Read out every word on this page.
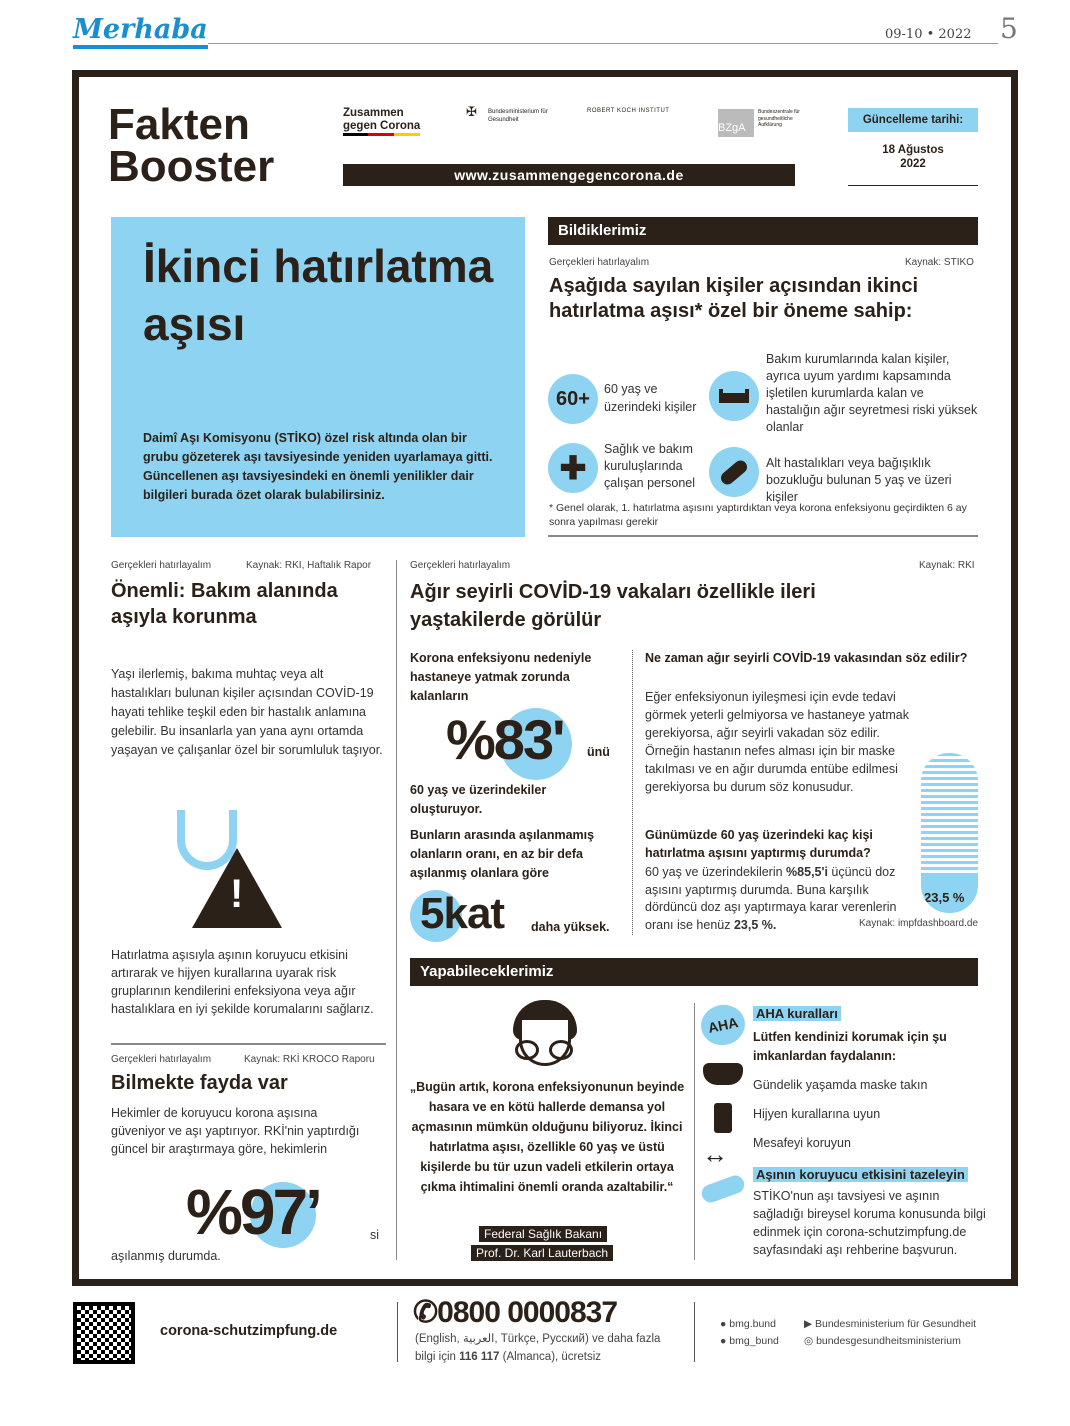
Merhaba	09-10 • 2022 5
Fakten
Booster
Zusammen
gegen Corona
✠ Bundesministerium für Gesundheit
ROBERT KOCH INSTITUT
BZgA
Bundeszentrale für gesundheitliche Aufklärung
www.zusammengegencorona.de
Güncelleme tarihi:
18 Ağustos 2022
İkinci hatırlatma aşısı
Daimî Aşı Komisyonu (STİKO) özel risk altında olan bir grubu gözeterek aşı tavsiyesinde yeniden uyarlamaya gitti. Güncellenen aşı tavsiyesindeki en önemli yenilikler dair bilgileri burada özet olarak bulabilirsiniz.
Bildiklerimiz
Gerçekleri hatırlayalım	Kaynak: STIKO
Aşağıda sayılan kişiler açısından ikinci hatırlatma aşısı* özel bir öneme sahip:
60+	60 yaş ve üzerindeki kişiler
Bakım kurumlarında kalan kişiler, ayrıca uyum yardımı kapsamında işletilen kurumlarda kalan ve hastalığın ağır seyretmesi riski yüksek olanlar
✚
Sağlık ve bakım kuruluşlarında çalışan personel
Alt hastalıkları veya bağışıklık bozukluğu bulunan 5 yaş ve üzeri kişiler
* Genel olarak, 1. hatırlatma aşısını yaptırdıktan veya korona enfeksiyonu geçirdikten 6 ay sonra yapılması gerekir
Gerçekleri hatırlayalım	Kaynak: RKI, Haftalık Rapor
Önemli: Bakım alanında aşıyla korunma
Yaşı ilerlemiş, bakıma muhtaç veya alt hastalıkları bulunan kişiler açısından COVİD-19 hayati tehlike teşkil eden bir hastalık anlamına gelebilir. Bu insanlarla yan yana aynı ortamda yaşayan ve çalışanlar özel bir sorumluluk taşıyor.
!
Hatırlatma aşısıyla aşının koruyucu etkisini artırarak ve hijyen kurallarına uyarak risk gruplarının kendilerini enfeksiyona veya ağır hastalıklara en iyi şekilde korumalarını sağlarız.
Gerçekleri hatırlayalım	Kaynak: RKİ KROCO Raporu
Bilmekte fayda var
Hekimler de koruyucu korona aşısına güveniyor ve aşı yaptırıyor. RKİ'nin yaptırdığı güncel bir araştırmaya göre, hekimlerin
%97’	si
aşılanmış durumda.
Gerçekleri hatırlayalım	Kaynak: RKI
Ağır seyirli COVİD-19 vakaları özellikle ileri yaştakilerde görülür
Korona enfeksiyonu nedeniyle hastaneye yatmak zorunda kalanların
%83' ünü
60 yaş ve üzerindekiler oluşturuyor.
Bunların arasında aşılanmamış olanların oranı, en az bir defa aşılanmış olanlara göre
5kat daha yüksek.
Ne zaman ağır seyirli COVİD-19 vakasından söz edilir?
Eğer enfeksiyonun iyileşmesi için evde tedavi görmek yeterli gelmiyorsa ve hastaneye yatmak gerekiyorsa, ağır seyirli vakadan söz edilir. Örneğin hastanın nefes alması için bir maske takılması ve en ağır durumda entübe edilmesi gerekiyorsa bu durum söz konusudur.
23,5 %
Günümüzde 60 yaş üzerindeki kaç kişi hatırlatma aşısını yaptırmış durumda?
60 yaş ve üzerindekilerin %85,5'i üçüncü doz aşısını yaptırmış durumda. Buna karşılık dördüncü doz aşı yaptırmaya karar verenlerin oranı ise henüz 23,5 %.	Kaynak: impfdashboard.de
Yapabileceklerimiz
„Bugün artık, korona enfeksiyonunun beyinde hasara ve en kötü hallerde demansa yol açmasının mümkün olduğunu biliyoruz. İkinci hatırlatma aşısı, özellikle 60 yaş ve üstü kişilerde bu tür uzun vadeli etkilerin ortaya çıkma ihtimalini önemli oranda azaltabilir.“
Federal Sağlık Bakanı
Prof. Dr. Karl Lauterbach
AHA
AHA kuralları
Lütfen kendinizi korumak için şu imkanlardan faydalanın:
Gündelik yaşamda maske takın
Hijyen kurallarına uyun
↔ Mesafeyi koruyun
Aşının koruyucu etkisini tazeleyin
STİKO'nun aşı tavsiyesi ve aşının sağladığı bireysel koruma konusunda bilgi edinmek için corona-schutzimpfung.de sayfasındaki aşı rehberine başvurun.
corona-schutzimpfung.de
✆0800 0000837
(English, العربية, Türkçe, Русский) ve daha fazla
bilgi için 116 117 (Almanca), ücretsiz
● bmg.bund
● bmg_bund
▶ Bundesministerium für Gesundheit
◎ bundesgesundheitsministerium
